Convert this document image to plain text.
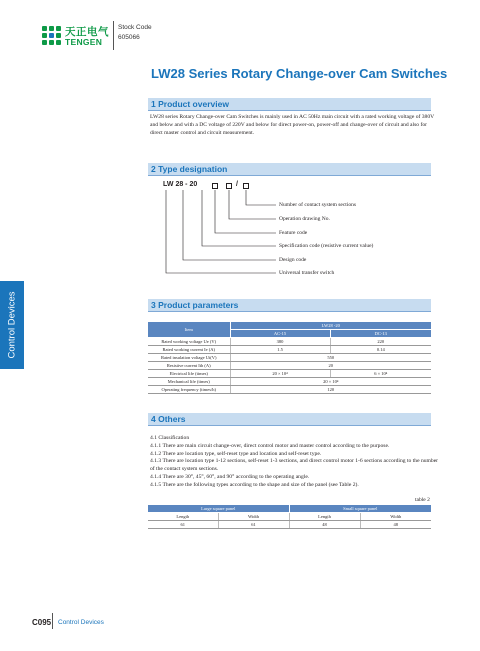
天正电气
TENGEN
Stock Code
605066
LW28 Series Rotary Change-over Cam Switches
1 Product overview
LW28 series Rotary Change-over Cam Switches is mainly used in AC 50Hz main circuit with a rated working voltage of 380V and below and with a DC voltage of 220V and below for direct power-on, power-off and change-over of circuit and also for direct master control and circuit measurement.
2 Type designation
LW 28 - 20	/
Number of contact system sections
Operation drawing No.
Feature code
Specification code (resistive current value)
Design code
Universal transfer switch
Control Devices	3 Product parameters
Item	LW28 -20	
	AC-15	DC-13
Rated working voltage Ue (V)	380	220
Rated working current Ie (A)	1.5	0.14
Rated insulation voltage Ui(V)	550	
Resistive current Ith (A)	20	
Electrical life (times)	20 × 10⁴	6 × 10⁴
Mechanical life (times)	20 × 10⁴	
Operating frequency (times/h)	120	
4 Others
4.1 Classification
4.1.1 There are main circuit change-over, direct control motor and master control according to the purpose.
4.1.2 There are location type, self-reset type and location and self-reset type.
4.1.3 There are location type 1-12 sections, self-reset 1-3 sections, and direct control motor 1-6 sections according to the number of the contact system sections.
4.1.4 There are 30°, 45°, 60°, and 90° according to the operating angle.
4.1.5 There are the following types according to the shape and size of the panel (see Table 2).
table 2
Large square panel		Small square panel	
Length	Width	Length	Width
61	61	48	48
C095 Control Devices
